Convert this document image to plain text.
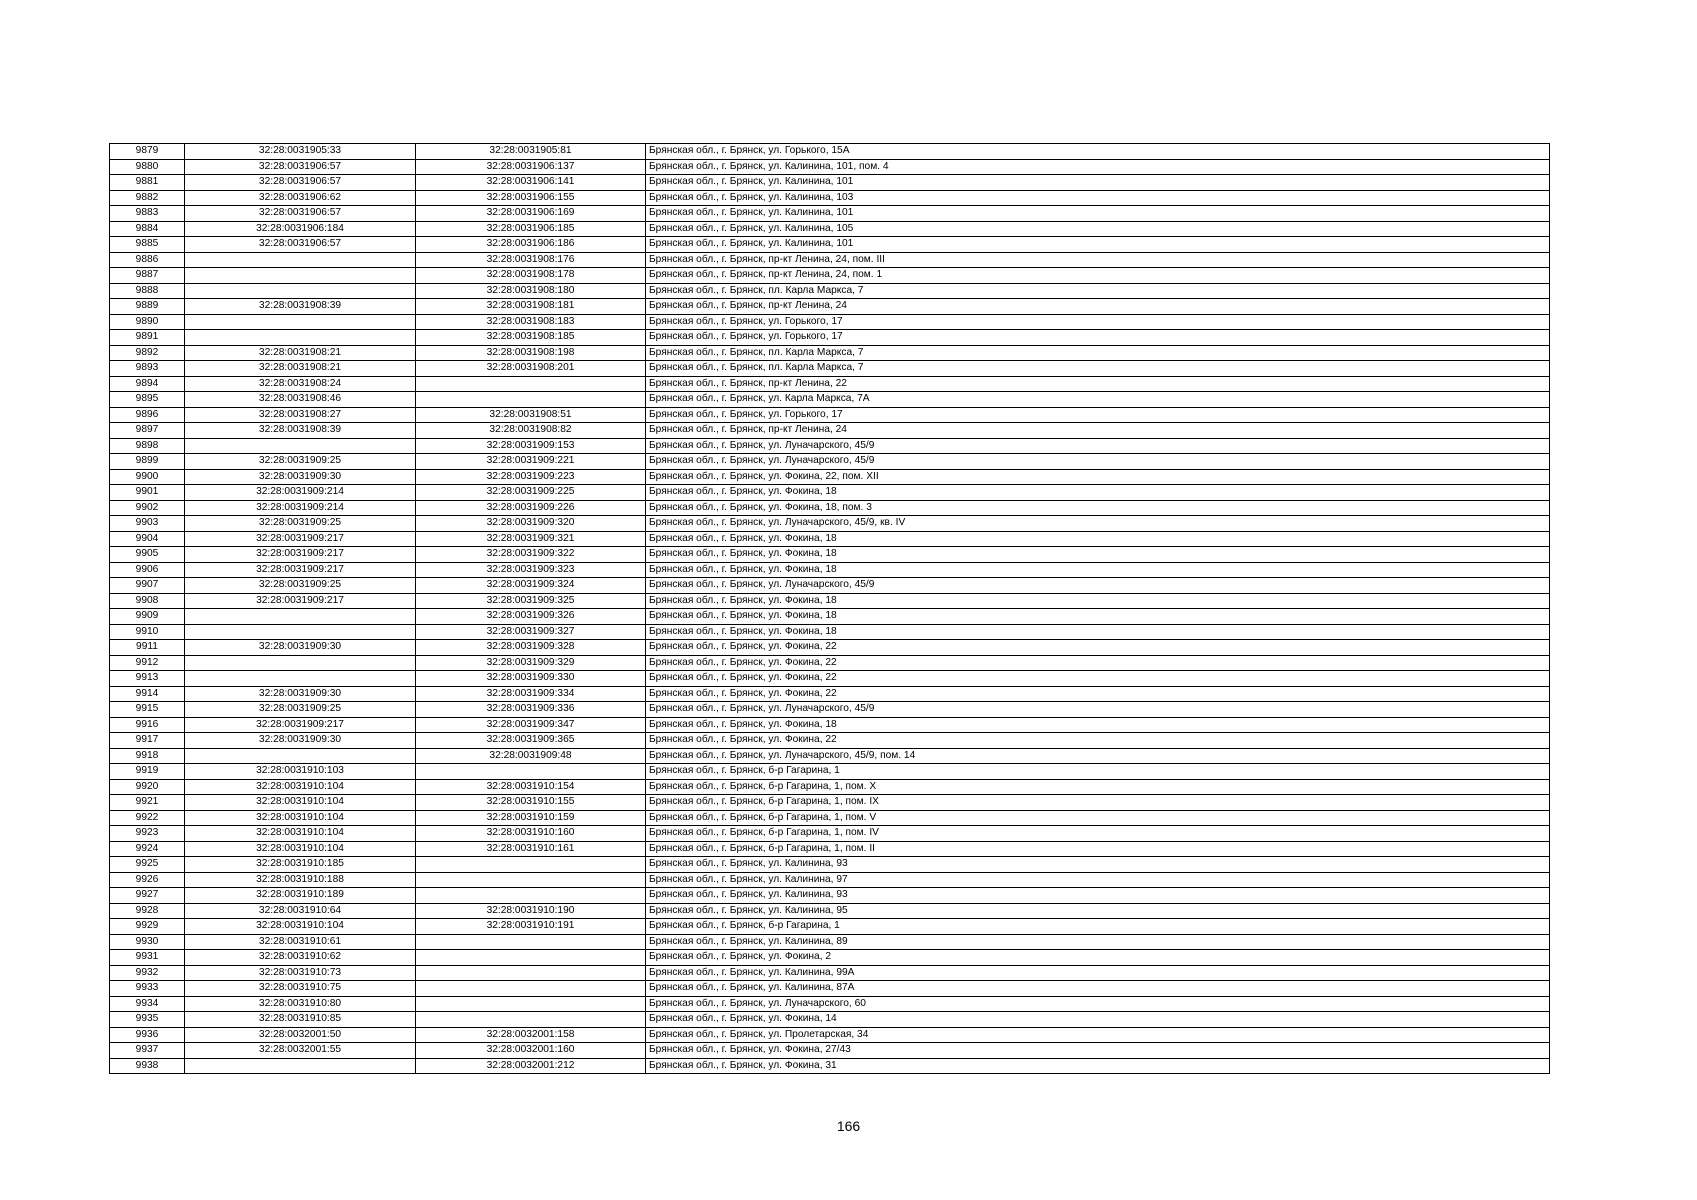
9879	32:28:0031905:33	32:28:0031905:81	Брянская обл., г. Брянск, ул. Горького, 15А
9880	32:28:0031906:57	32:28:0031906:137	Брянская обл., г. Брянск, ул. Калинина, 101, пом. 4
9881	32:28:0031906:57	32:28:0031906:141	Брянская обл., г. Брянск, ул. Калинина, 101
9882	32:28:0031906:62	32:28:0031906:155	Брянская обл., г. Брянск, ул. Калинина, 103
9883	32:28:0031906:57	32:28:0031906:169	Брянская обл., г. Брянск, ул. Калинина, 101
9884	32:28:0031906:184	32:28:0031906:185	Брянская обл., г. Брянск, ул. Калинина, 105
9885	32:28:0031906:57	32:28:0031906:186	Брянская обл., г. Брянск, ул. Калинина, 101
9886		32:28:0031908:176	Брянская обл., г. Брянск, пр-кт Ленина, 24, пом. III
9887		32:28:0031908:178	Брянская обл., г. Брянск, пр-кт Ленина, 24, пом. 1
9888		32:28:0031908:180	Брянская обл., г. Брянск, пл. Карла Маркса, 7
9889	32:28:0031908:39	32:28:0031908:181	Брянская обл., г. Брянск, пр-кт Ленина, 24
9890		32:28:0031908:183	Брянская обл., г. Брянск, ул. Горького, 17
9891		32:28:0031908:185	Брянская обл., г. Брянск, ул. Горького, 17
9892	32:28:0031908:21	32:28:0031908:198	Брянская обл., г. Брянск, пл. Карла Маркса, 7
9893	32:28:0031908:21	32:28:0031908:201	Брянская обл., г. Брянск, пл. Карла Маркса, 7
9894	32:28:0031908:24		Брянская обл., г. Брянск, пр-кт Ленина, 22
9895	32:28:0031908:46		Брянская обл., г. Брянск, ул. Карла Маркса, 7А
9896	32:28:0031908:27	32:28:0031908:51	Брянская обл., г. Брянск, ул. Горького, 17
9897	32:28:0031908:39	32:28:0031908:82	Брянская обл., г. Брянск, пр-кт Ленина, 24
9898		32:28:0031909:153	Брянская обл., г. Брянск, ул. Луначарского, 45/9
9899	32:28:0031909:25	32:28:0031909:221	Брянская обл., г. Брянск, ул. Луначарского, 45/9
9900	32:28:0031909:30	32:28:0031909:223	Брянская обл., г. Брянск, ул. Фокина, 22, пом. XII
9901	32:28:0031909:214	32:28:0031909:225	Брянская обл., г. Брянск, ул. Фокина, 18
9902	32:28:0031909:214	32:28:0031909:226	Брянская обл., г. Брянск, ул. Фокина, 18, пом. 3
9903	32:28:0031909:25	32:28:0031909:320	Брянская обл., г. Брянск, ул. Луначарского, 45/9, кв. IV
9904	32:28:0031909:217	32:28:0031909:321	Брянская обл., г. Брянск, ул. Фокина, 18
9905	32:28:0031909:217	32:28:0031909:322	Брянская обл., г. Брянск, ул. Фокина, 18
9906	32:28:0031909:217	32:28:0031909:323	Брянская обл., г. Брянск, ул. Фокина, 18
9907	32:28:0031909:25	32:28:0031909:324	Брянская обл., г. Брянск, ул. Луначарского, 45/9
9908	32:28:0031909:217	32:28:0031909:325	Брянская обл., г. Брянск, ул. Фокина, 18
9909		32:28:0031909:326	Брянская обл., г. Брянск, ул. Фокина, 18
9910		32:28:0031909:327	Брянская обл., г. Брянск, ул. Фокина, 18
9911	32:28:0031909:30	32:28:0031909:328	Брянская обл., г. Брянск, ул. Фокина, 22
9912		32:28:0031909:329	Брянская обл., г. Брянск, ул. Фокина, 22
9913		32:28:0031909:330	Брянская обл., г. Брянск, ул. Фокина, 22
9914	32:28:0031909:30	32:28:0031909:334	Брянская обл., г. Брянск, ул. Фокина, 22
9915	32:28:0031909:25	32:28:0031909:336	Брянская обл., г. Брянск, ул. Луначарского, 45/9
9916	32:28:0031909:217	32:28:0031909:347	Брянская обл., г. Брянск, ул. Фокина, 18
9917	32:28:0031909:30	32:28:0031909:365	Брянская обл., г. Брянск, ул. Фокина, 22
9918		32:28:0031909:48	Брянская обл., г. Брянск, ул. Луначарского, 45/9, пом. 14
9919	32:28:0031910:103		Брянская обл., г. Брянск, б-р Гагарина, 1
9920	32:28:0031910:104	32:28:0031910:154	Брянская обл., г. Брянск, б-р Гагарина, 1, пом. X
9921	32:28:0031910:104	32:28:0031910:155	Брянская обл., г. Брянск, б-р Гагарина, 1, пом. IX
9922	32:28:0031910:104	32:28:0031910:159	Брянская обл., г. Брянск, б-р Гагарина, 1, пом. V
9923	32:28:0031910:104	32:28:0031910:160	Брянская обл., г. Брянск, б-р Гагарина, 1, пом. IV
9924	32:28:0031910:104	32:28:0031910:161	Брянская обл., г. Брянск, б-р Гагарина, 1, пом. II
9925	32:28:0031910:185		Брянская обл., г. Брянск, ул. Калинина, 93
9926	32:28:0031910:188		Брянская обл., г. Брянск, ул. Калинина, 97
9927	32:28:0031910:189		Брянская обл., г. Брянск, ул. Калинина, 93
9928	32:28:0031910:64	32:28:0031910:190	Брянская обл., г. Брянск, ул. Калинина, 95
9929	32:28:0031910:104	32:28:0031910:191	Брянская обл., г. Брянск, б-р Гагарина, 1
9930	32:28:0031910:61		Брянская обл., г. Брянск, ул. Калинина, 89
9931	32:28:0031910:62		Брянская обл., г. Брянск, ул. Фокина, 2
9932	32:28:0031910:73		Брянская обл., г. Брянск, ул. Калинина, 99А
9933	32:28:0031910:75		Брянская обл., г. Брянск, ул. Калинина, 87А
9934	32:28:0031910:80		Брянская обл., г. Брянск, ул. Луначарского, 60
9935	32:28:0031910:85		Брянская обл., г. Брянск, ул. Фокина, 14
9936	32:28:0032001:50	32:28:0032001:158	Брянская обл., г. Брянск, ул. Пролетарская, 34
9937	32:28:0032001:55	32:28:0032001:160	Брянская обл., г. Брянск, ул. Фокина, 27/43
9938		32:28:0032001:212	Брянская обл., г. Брянск, ул. Фокина, 31
166
